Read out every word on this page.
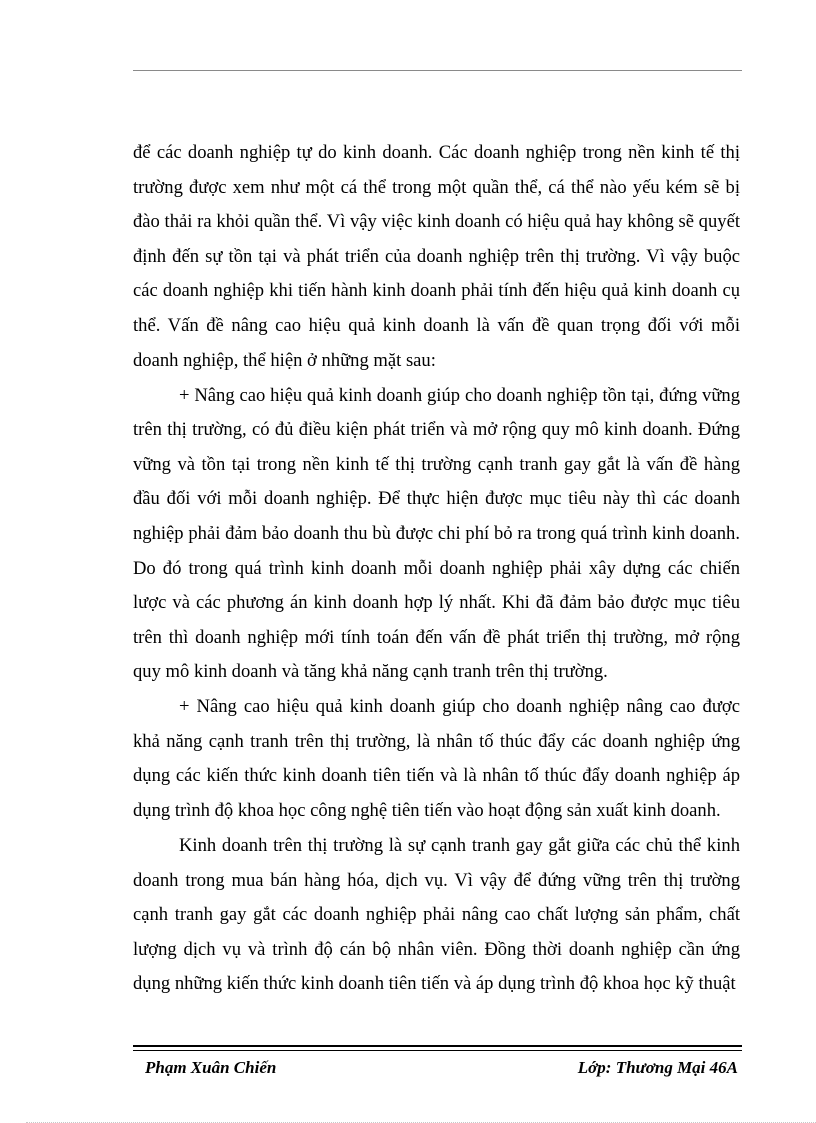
để các doanh nghiệp tự do kinh doanh. Các doanh nghiệp trong nền kinh tế thị trường được xem như một cá thể trong một quần thể, cá thể nào yếu kém sẽ bị đào thải ra khỏi quần thể. Vì vậy việc kinh doanh có hiệu quả hay không sẽ quyết định đến sự tồn tại và phát triển của doanh nghiệp trên thị trường. Vì vậy buộc các doanh nghiệp khi tiến hành kinh doanh phải tính đến hiệu quả kinh doanh cụ thể. Vấn đề nâng cao hiệu quả kinh doanh là vấn đề quan trọng đối với mỗi doanh nghiệp, thể hiện ở những mặt sau:

+ Nâng cao hiệu quả kinh doanh giúp cho doanh nghiệp tồn tại, đứng vững trên thị trường, có đủ điều kiện phát triển và mở rộng quy mô kinh doanh. Đứng vững và tồn tại trong nền kinh tế thị trường cạnh tranh gay gắt là vấn đề hàng đầu đối với mỗi doanh nghiệp. Để thực hiện được mục tiêu này thì các doanh nghiệp phải đảm bảo doanh thu bù được chi phí bỏ ra trong quá trình kinh doanh. Do đó trong quá trình kinh doanh mỗi doanh nghiệp phải xây dựng các chiến lược và các phương án kinh doanh hợp lý nhất. Khi đã đảm bảo được mục tiêu trên thì doanh nghiệp mới tính toán đến vấn đề phát triển thị trường, mở rộng quy mô kinh doanh và tăng khả năng cạnh tranh trên thị trường.

+ Nâng cao hiệu quả kinh doanh giúp cho doanh nghiệp nâng cao được khả năng cạnh tranh trên thị trường, là nhân tố thúc đẩy các doanh nghiệp ứng dụng các kiến thức kinh doanh tiên tiến và là nhân tố thúc đẩy doanh nghiệp áp dụng trình độ khoa học công nghệ tiên tiến vào hoạt động sản xuất kinh doanh.

Kinh doanh trên thị trường là sự cạnh tranh gay gắt giữa các chủ thể kinh doanh trong mua bán hàng hóa, dịch vụ. Vì vậy để đứng vững trên thị trường cạnh tranh gay gắt các doanh nghiệp phải nâng cao chất lượng sản phẩm, chất lượng dịch vụ và trình độ cán bộ nhân viên. Đồng thời doanh nghiệp cần ứng dụng những kiến thức kinh doanh tiên tiến và áp dụng trình độ khoa học kỹ thuật

Phạm Xuân Chiến	Lớp: Thương Mại 46A
